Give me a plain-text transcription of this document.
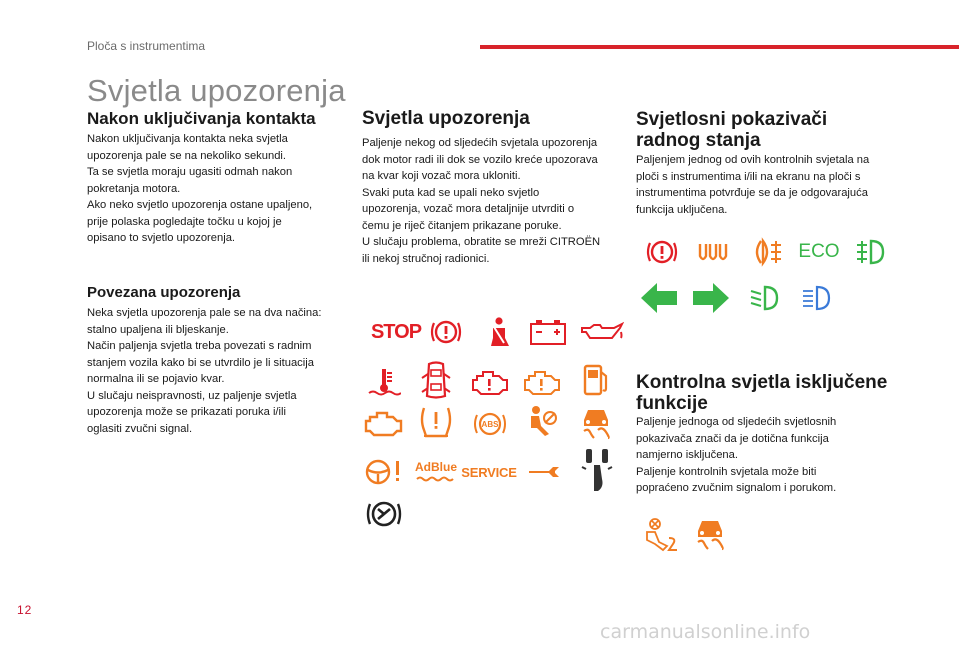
Ploča s instrumentima
Svjetla upozorenja
Nakon uključivanja kontakta
Nakon uključivanja kontakta neka svjetla
upozorenja pale se na nekoliko sekundi.
Ta se svjetla moraju ugasiti odmah nakon
pokretanja motora.
Ako neko svjetlo upozorenja ostane upaljeno,
prije polaska pogledajte točku u kojoj je
opisano to svjetlo upozorenja.
Povezana upozorenja
Neka svjetla upozorenja pale se na dva načina:
stalno upaljena ili bljeskanje.
Način paljenja svjetla treba povezati s radnim
stanjem vozila kako bi se utvrdilo je li situacija
normalna ili se pojavio kvar.
U slučaju neispravnosti, uz paljenje svjetla
upozorenja može se prikazati poruka i/ili
oglasiti zvučni signal.
Svjetla upozorenja
Paljenje nekog od sljedećih svjetala upozorenja
dok motor radi ili dok se vozilo kreće upozorava
na kvar koji vozač mora ukloniti.
Svaki puta kad se upali neko svjetlo
upozorenja, vozač mora detaljnije utvrditi o
čemu je riječ čitanjem prikazane poruke.
U slučaju problema, obratite se mreži CITROËN
ili nekoj stručnoj radionici.
STOP
ABS
AdBlue SERVICE
Svjetlosni pokazivači
radnog stanja
Paljenjem jednog od ovih kontrolnih svjetala na
ploči s instrumentima i/ili na ekranu na ploči s
instrumentima potvrđuje se da je odgovarajuća
funkcija uključena.
ECO
Kontrolna svjetla isključene
funkcije
Paljenje jednoga od sljedećih svjetlosnih
pokazivača znači da je dotična funkcija
namjerno isključena.
Paljenje kontrolnih svjetala može biti
popraćeno zvučnim signalom i porukom.
12
carmanualsonline.info
